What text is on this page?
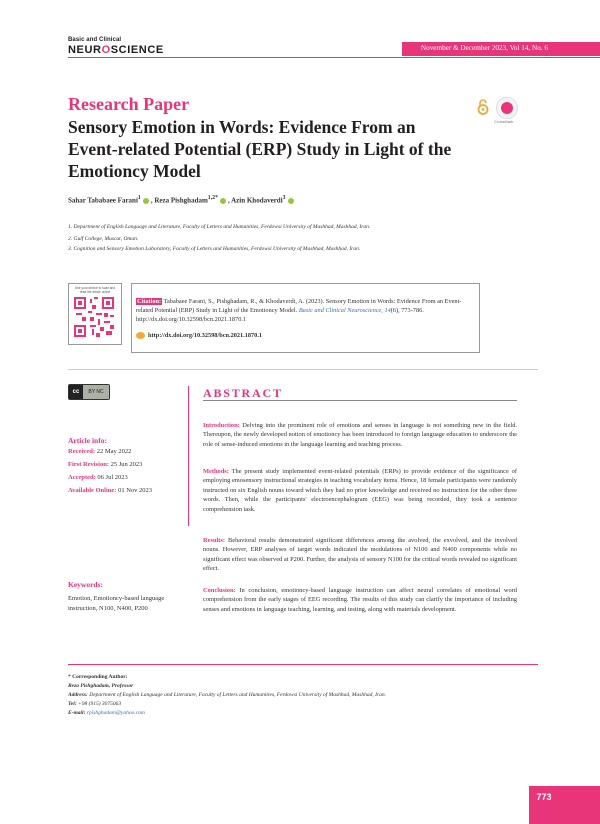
Basic and Clinical
NEUROSCIENCE	November & December 2023, Vol 14, No. 6
Research Paper
Sensory Emotion in Words: Evidence From an Event-related Potential (ERP) Study in Light of the Emotioncy Model
CrossMark
Sahar Tababaee Farani$^1$ , Reza Pishghadam$^{1,2*}$ , Azin Khodaverdi$^3$
1. Department of English Language and Literature, Faculty of Letters and Humanities, Ferdowsi University of Mashhad, Mashhad, Iran.
2. Gulf College, Muscat, Oman.
3. Cognition and Sensory Emotion Laboratory, Faculty of Letters and Humanities, Ferdowsi University of Mashhad, Mashhad, Iran.
Use your device to scan and read the article online
Citation: Tababaee Farani, S., Pishghadam, R., & Khodaverdi, A. (2023). Sensory Emotion in Words: Evidence From an Event-related Potential (ERP) Study in Light of the Emotioncy Model. Basic and Clinical Neuroscience, 14(6), 773-786. http://dx.doi.org/10.32598/bcn.2021.1870.1
http://dx.doi.org/10.32598/bcn.2021.1870.1
cc	BY NC	ABSTRACT
Introduction: Delving into the prominent role of emotions and senses in language is not something new in the field. Thereupon, the newly developed notion of emotioncy has been introduced to foreign language education to underscore the role of sense-induced emotions in the language learning and teaching process.
Methods: The present study implemented event-related potentials (ERPs) to provide evidence of the significance of employing emosensory instructional strategies in teaching vocabulary items. Hence, 18 female participants were randomly instructed on six English nouns toward which they had no prior knowledge and received no instruction for the other three words. Then, while the participants' electroencephalogram (EEG) was being recorded, they took a sentence comprehension task.
Results: Behavioral results demonstrated significant differences among the avolved, the exvolved, and the involved nouns. However, ERP analyses of target words indicated the modulations of N100 and N400 components while no significant effect was observed at P200. Further, the analysis of sensory N100 for the critical words revealed no significant effect.
Conclusion: In conclusion, emotioncy-based language instruction can affect neural correlates of emotional word comprehension from the early stages of EEG recording. The results of this study can clarify the importance of including senses and emotions in language teaching, learning, and testing, along with materials development.
Article info:
Received: 22 May 2022
First Revision: 25 Jun 2023
Accepted: 06 Jul 2023
Available Online: 01 Nov 2023
Keywords:
Emotion, Emotioncy-based language instruction, N100, N400, P200
* Corresponding Author:
Reza Pishghadam, Professor
Address: Department of English Language and Literature, Faculty of Letters and Humanities, Ferdowsi University of Mashhad, Mashhad, Iran.
Tel: +98 (915) 3075063
E-mail: rpishghadam@yahoo.com
773
